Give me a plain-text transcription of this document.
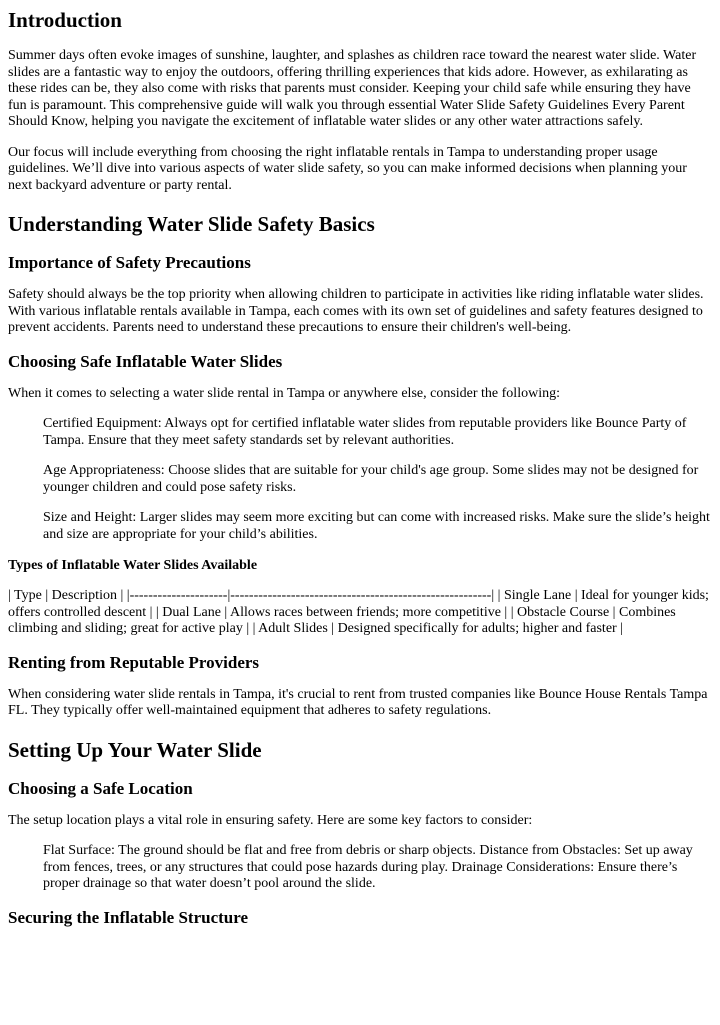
Introduction

Summer days often evoke images of sunshine, laughter, and splashes as children race toward the nearest water slide. Water slides are a fantastic way to enjoy the outdoors, offering thrilling experiences that kids adore. However, as exhilarating as these rides can be, they also come with risks that parents must consider. Keeping your child safe while ensuring they have fun is paramount. This comprehensive guide will walk you through essential Water Slide Safety Guidelines Every Parent Should Know, helping you navigate the excitement of inflatable water slides or any other water attractions safely.

Our focus will include everything from choosing the right inflatable rentals in Tampa to understanding proper usage guidelines. We’ll dive into various aspects of water slide safety, so you can make informed decisions when planning your next backyard adventure or party rental.

Understanding Water Slide Safety Basics
Importance of Safety Precautions

Safety should always be the top priority when allowing children to participate in activities like riding inflatable water slides. With various inflatable rentals available in Tampa, each comes with its own set of guidelines and safety features designed to prevent accidents. Parents need to understand these precautions to ensure their children's well-being.

Choosing Safe Inflatable Water Slides

When it comes to selecting a water slide rental in Tampa or anywhere else, consider the following:

Certified Equipment: Always opt for certified inflatable water slides from reputable providers like Bounce Party of Tampa. Ensure that they meet safety standards set by relevant authorities.

Age Appropriateness: Choose slides that are suitable for your child's age group. Some slides may not be designed for younger children and could pose safety risks.

Size and Height: Larger slides may seem more exciting but can come with increased risks. Make sure the slide’s height and size are appropriate for your child’s abilities.

Types of Inflatable Water Slides Available

| Type | Description | |---------------------|--------------------------------------------------------| | Single Lane | Ideal for younger kids; offers controlled descent | | Dual Lane | Allows races between friends; more competitive | | Obstacle Course | Combines climbing and sliding; great for active play | | Adult Slides | Designed specifically for adults; higher and faster |

Renting from Reputable Providers

When considering water slide rentals in Tampa, it's crucial to rent from trusted companies like Bounce House Rentals Tampa FL. They typically offer well-maintained equipment that adheres to safety regulations.

Setting Up Your Water Slide
Choosing a Safe Location

The setup location plays a vital role in ensuring safety. Here are some key factors to consider:

Flat Surface: The ground should be flat and free from debris or sharp objects. Distance from Obstacles: Set up away from fences, trees, or any structures that could pose hazards during play. Drainage Considerations: Ensure there’s proper drainage so that water doesn’t pool around the slide.

Securing the Inflatable Structure
